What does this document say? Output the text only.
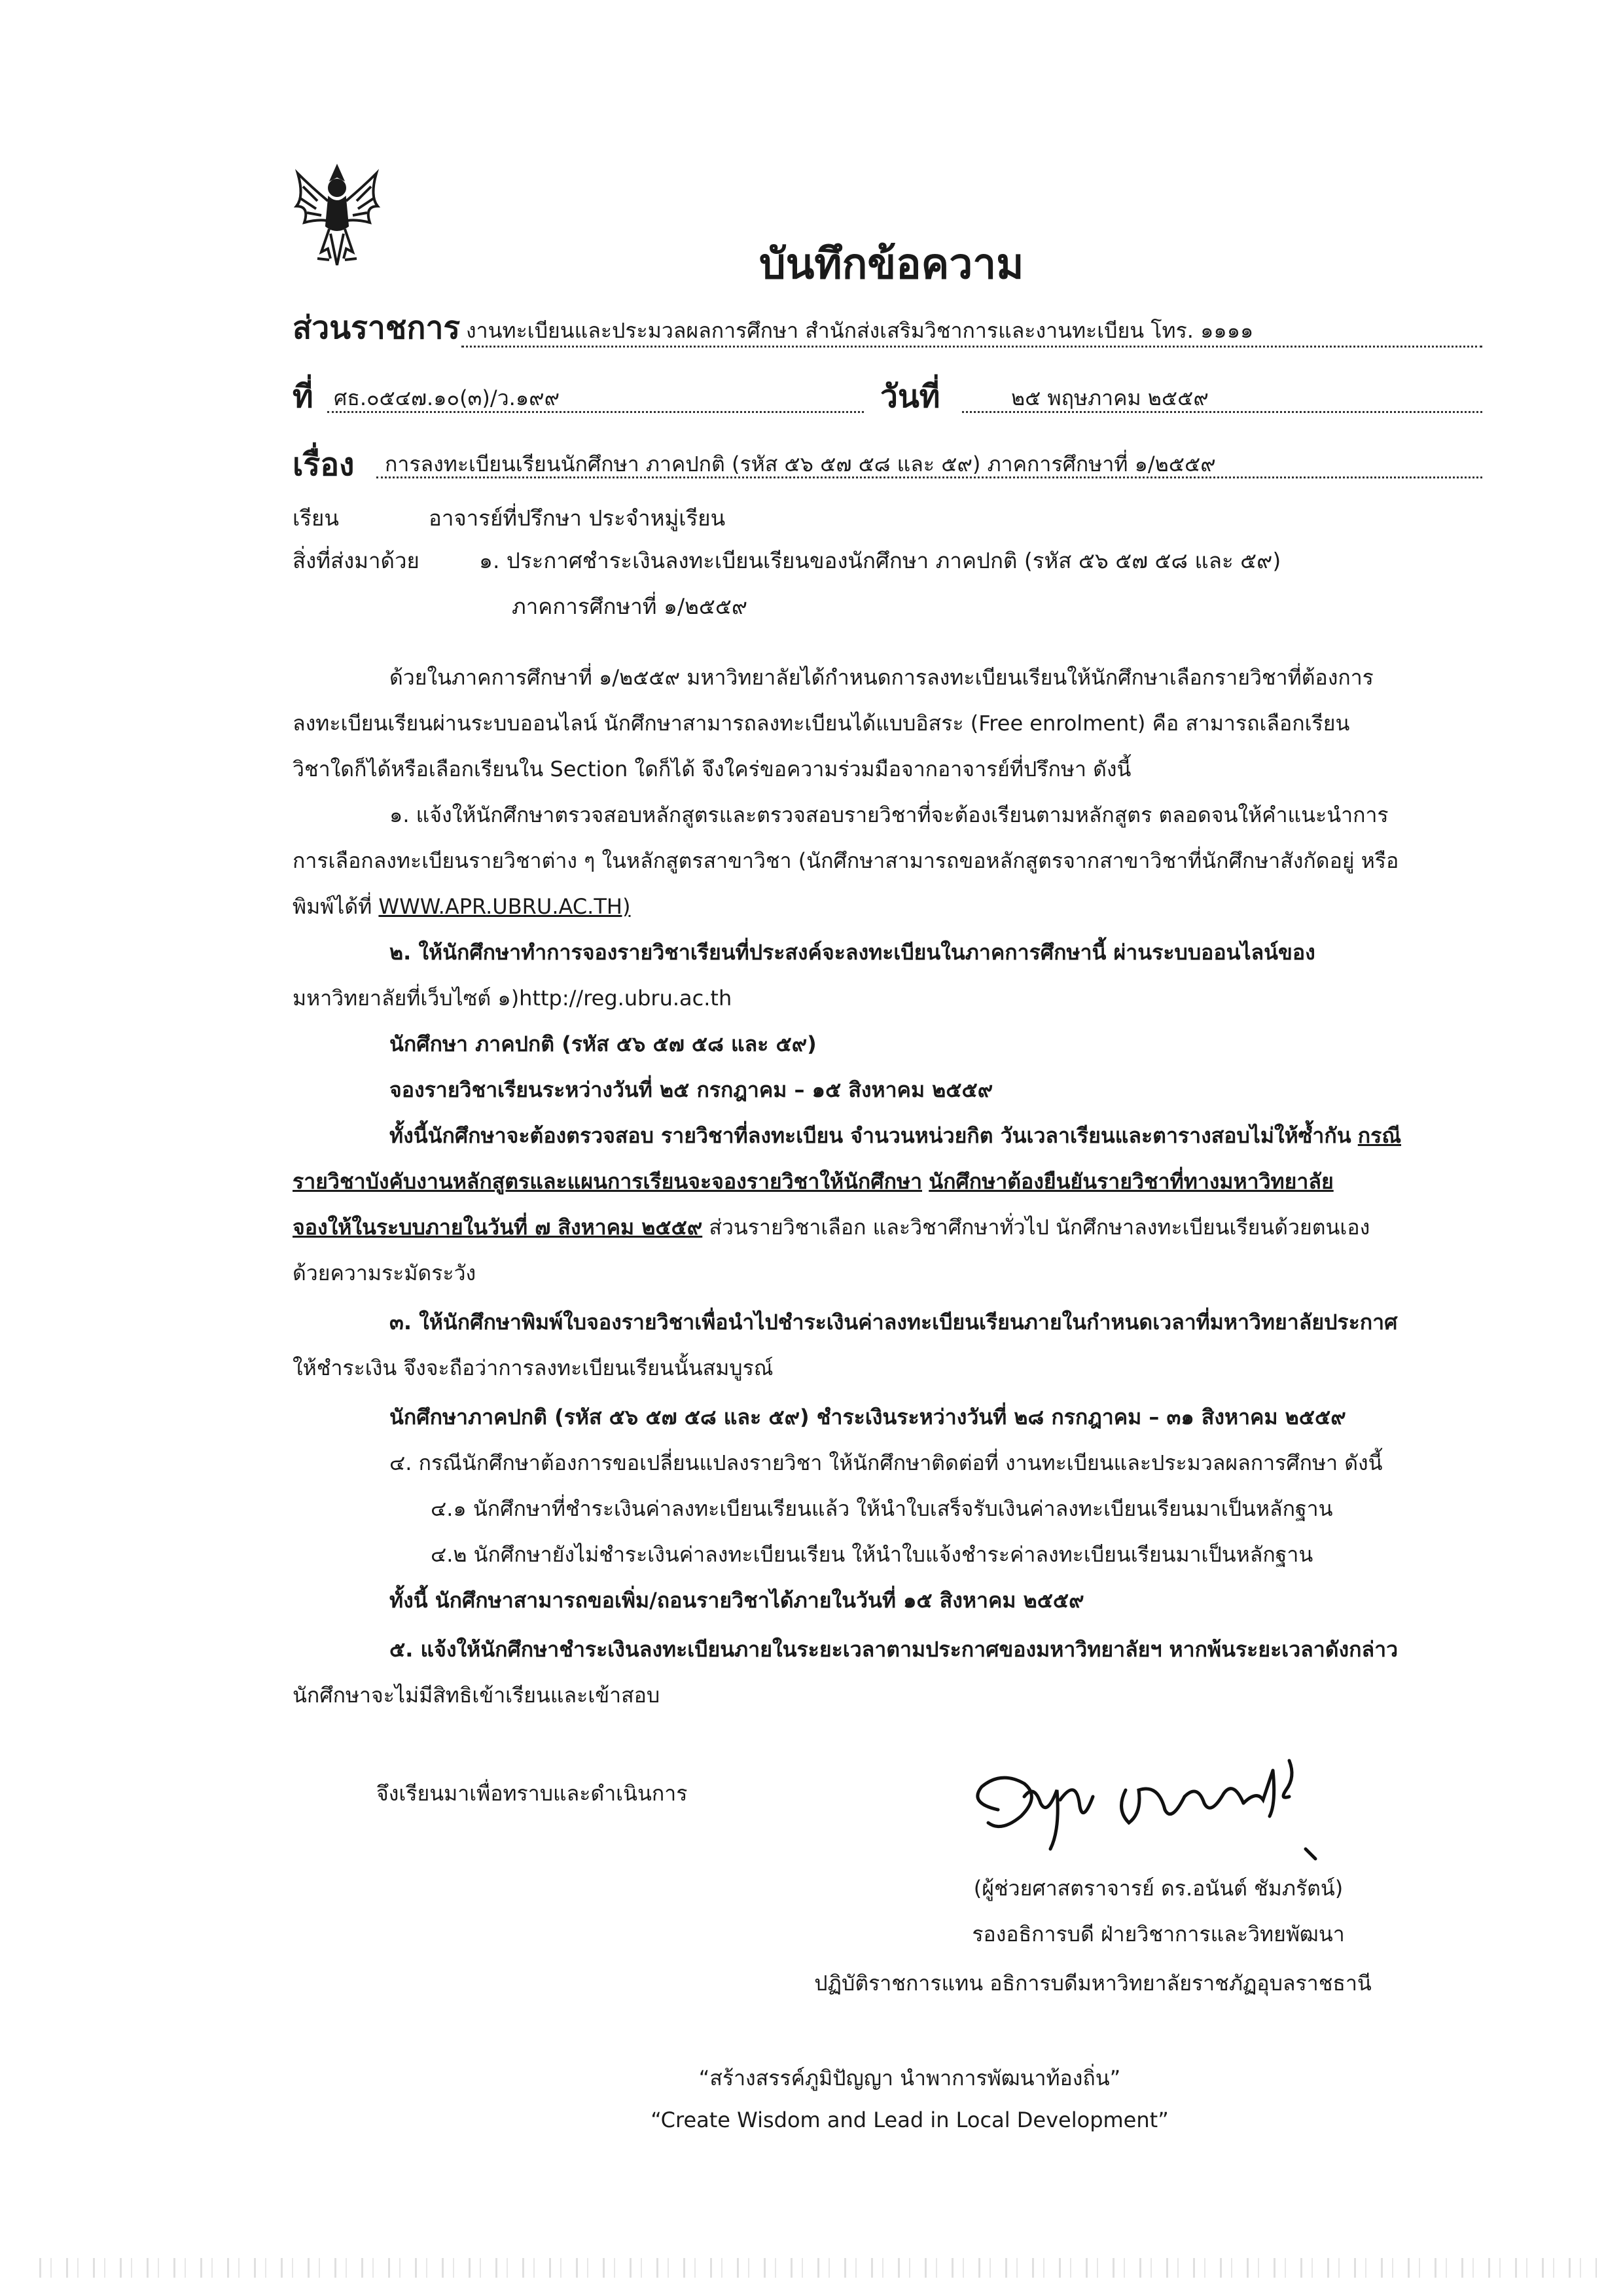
บันทึกข้อความ
ส่วนราชการ งานทะเบียนและประมวลผลการศึกษา สำนักส่งเสริมวิชาการและงานทะเบียน โทร. ๑๑๑๑
ที่ ศธ.๐๕๔๗.๑๐(๓)/ว.๑๙๙	วันที่	๒๕ พฤษภาคม ๒๕๕๙
เรื่อง การลงทะเบียนเรียนนักศึกษา ภาคปกติ (รหัส ๕๖ ๕๗ ๕๘ และ ๕๙) ภาคการศึกษาที่ ๑/๒๕๕๙
เรียน	อาจารย์ที่ปรึกษา ประจำหมู่เรียน
สิ่งที่ส่งมาด้วย	๑. ประกาศชำระเงินลงทะเบียนเรียนของนักศึกษา ภาคปกติ (รหัส ๕๖ ๕๗ ๕๘ และ ๕๙)
ภาคการศึกษาที่ ๑/๒๕๕๙
ด้วยในภาคการศึกษาที่ ๑/๒๕๕๙ มหาวิทยาลัยได้กำหนดการลงทะเบียนเรียนให้นักศึกษาเลือกรายวิชาที่ต้องการ
ลงทะเบียนเรียนผ่านระบบออนไลน์ นักศึกษาสามารถลงทะเบียนได้แบบอิสระ (Free enrolment) คือ สามารถเลือกเรียน
วิชาใดก็ได้หรือเลือกเรียนใน Section ใดก็ได้ จึงใคร่ขอความร่วมมือจากอาจารย์ที่ปรึกษา ดังนี้
๑. แจ้งให้นักศึกษาตรวจสอบหลักสูตรและตรวจสอบรายวิชาที่จะต้องเรียนตามหลักสูตร ตลอดจนให้คำแนะนำการ
การเลือกลงทะเบียนรายวิชาต่าง ๆ ในหลักสูตรสาขาวิชา (นักศึกษาสามารถขอหลักสูตรจากสาขาวิชาที่นักศึกษาสังกัดอยู่ หรือ
พิมพ์ได้ที่ WWW.APR.UBRU.AC.TH)
๒. ให้นักศึกษาทำการจองรายวิชาเรียนที่ประสงค์จะลงทะเบียนในภาคการศึกษานี้ ผ่านระบบออนไลน์ของ
มหาวิทยาลัยที่เว็บไซต์ ๑)http://reg.ubru.ac.th
นักศึกษา ภาคปกติ (รหัส ๕๖ ๕๗ ๕๘ และ ๕๙)
จองรายวิชาเรียนระหว่างวันที่ ๒๕ กรกฎาคม – ๑๕ สิงหาคม ๒๕๕๙
ทั้งนี้นักศึกษาจะต้องตรวจสอบ รายวิชาที่ลงทะเบียน จำนวนหน่วยกิต วันเวลาเรียนและตารางสอบไม่ให้ซ้ำกัน กรณี
รายวิชาบังคับงานหลักสูตรและแผนการเรียนจะจองรายวิชาให้นักศึกษา นักศึกษาต้องยืนยันรายวิชาที่ทางมหาวิทยาลัย
จองให้ในระบบภายในวันที่ ๗ สิงหาคม ๒๕๕๙ ส่วนรายวิชาเลือก และวิชาศึกษาทั่วไป นักศึกษาลงทะเบียนเรียนด้วยตนเอง
ด้วยความระมัดระวัง
๓. ให้นักศึกษาพิมพ์ใบจองรายวิชาเพื่อนำไปชำระเงินค่าลงทะเบียนเรียนภายในกำหนดเวลาที่มหาวิทยาลัยประกาศ
ให้ชำระเงิน จึงจะถือว่าการลงทะเบียนเรียนนั้นสมบูรณ์
นักศึกษาภาคปกติ (รหัส ๕๖ ๕๗ ๕๘ และ ๕๙) ชำระเงินระหว่างวันที่ ๒๘ กรกฎาคม – ๓๑ สิงหาคม ๒๕๕๙
๔. กรณีนักศึกษาต้องการขอเปลี่ยนแปลงรายวิชา ให้นักศึกษาติดต่อที่ งานทะเบียนและประมวลผลการศึกษา ดังนี้
๔.๑ นักศึกษาที่ชำระเงินค่าลงทะเบียนเรียนแล้ว ให้นำใบเสร็จรับเงินค่าลงทะเบียนเรียนมาเป็นหลักฐาน
๔.๒ นักศึกษายังไม่ชำระเงินค่าลงทะเบียนเรียน ให้นำใบแจ้งชำระค่าลงทะเบียนเรียนมาเป็นหลักฐาน
ทั้งนี้ นักศึกษาสามารถขอเพิ่ม/ถอนรายวิชาได้ภายในวันที่ ๑๕ สิงหาคม ๒๕๕๙
๕. แจ้งให้นักศึกษาชำระเงินลงทะเบียนภายในระยะเวลาตามประกาศของมหาวิทยาลัยฯ หากพ้นระยะเวลาดังกล่าว
นักศึกษาจะไม่มีสิทธิเข้าเรียนและเข้าสอบ
จึงเรียนมาเพื่อทราบและดำเนินการ
(ผู้ช่วยศาสตราจารย์ ดร.อนันต์ ชัมภรัตน์)
รองอธิการบดี ฝ่ายวิชาการและวิทยพัฒนา
ปฏิบัติราชการแทน อธิการบดีมหาวิทยาลัยราชภัฏอุบลราชธานี
“สร้างสรรค์ภูมิปัญญา นำพาการพัฒนาท้องถิ่น”
“Create Wisdom and Lead in Local Development”
